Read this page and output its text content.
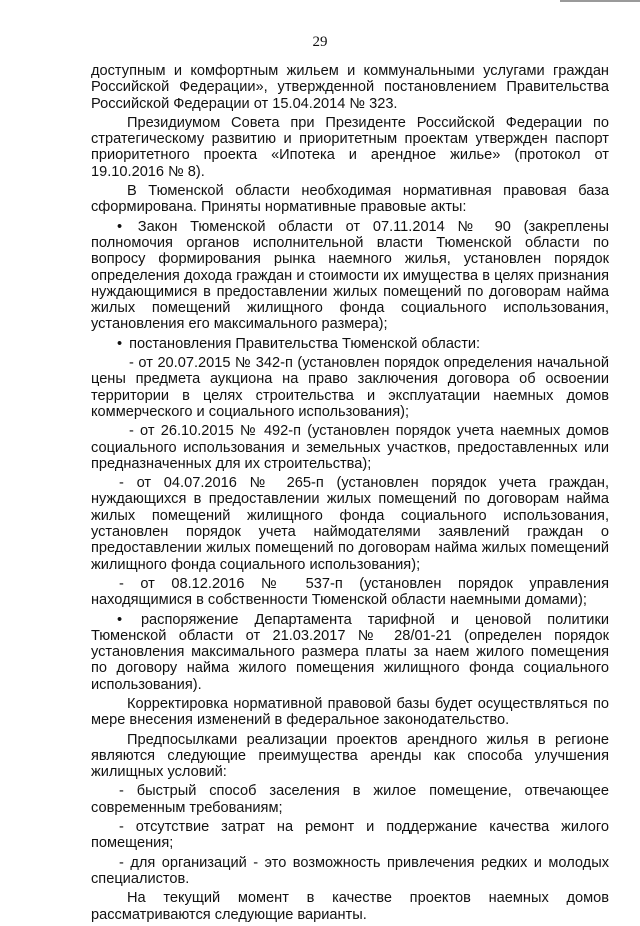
29

доступным и комфортным жильем и коммунальными услугами граждан Российской Федерации», утвержденной постановлением Правительства Российской Федерации от 15.04.2014 № 323.

Президиумом Совета при Президенте Российской Федерации по стратегическому развитию и приоритетным проектам утвержден паспорт приоритетного проекта «Ипотека и арендное жилье» (протокол от 19.10.2016 № 8).

В Тюменской области необходимая нормативная правовая база сформирована. Приняты нормативные правовые акты:

• Закон Тюменской области от 07.11.2014 № 90 (закреплены полномочия органов исполнительной власти Тюменской области по вопросу формирования рынка наемного жилья, установлен порядок определения дохода граждан и стоимости их имущества в целях признания нуждающимися в предоставлении жилых помещений по договорам найма жилых помещений жилищного фонда социального использования, установления его максимального размера);

• постановления Правительства Тюменской области:

- от 20.07.2015 № 342-п (установлен порядок определения начальной цены предмета аукциона на право заключения договора об освоении территории в целях строительства и эксплуатации наемных домов коммерческого и социального использования);

- от 26.10.2015 № 492-п (установлен порядок учета наемных домов социального использования и земельных участков, предоставленных или предназначенных для их строительства);

- от 04.07.2016 № 265-п (установлен порядок учета граждан, нуждающихся в предоставлении жилых помещений по договорам найма жилых помещений жилищного фонда социального использования, установлен порядок учета наймодателями заявлений граждан о предоставлении жилых помещений по договорам найма жилых помещений жилищного фонда социального использования);

- от 08.12.2016 № 537-п (установлен порядок управления находящимися в собственности Тюменской области наемными домами);

• распоряжение Департамента тарифной и ценовой политики Тюменской области от 21.03.2017 № 28/01-21 (определен порядок установления максимального размера платы за наем жилого помещения по договору найма жилого помещения жилищного фонда социального использования).

Корректировка нормативной правовой базы будет осуществляться по мере внесения изменений в федеральное законодательство.

Предпосылками реализации проектов арендного жилья в регионе являются следующие преимущества аренды как способа улучшения жилищных условий:

- быстрый способ заселения в жилое помещение, отвечающее современным требованиям;

- отсутствие затрат на ремонт и поддержание качества жилого помещения;

- для организаций - это возможность привлечения редких и молодых специалистов.

На текущий момент в качестве проектов наемных домов рассматриваются следующие варианты.
